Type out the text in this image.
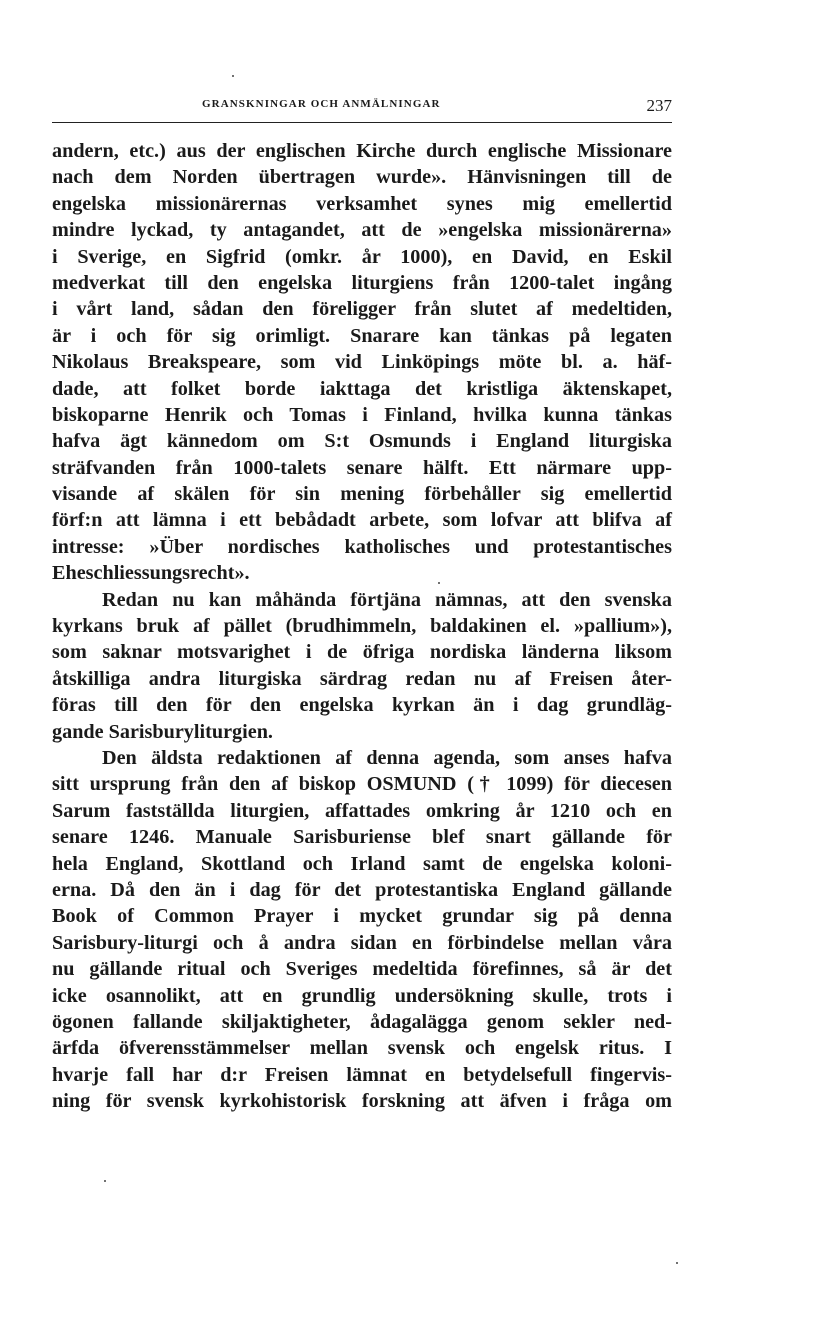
GRANSKNINGAR OCH ANMÄLNINGAR	237
andern, etc.) aus der englischen Kirche durch englische Missionare
nach dem Norden übertragen wurde». Hänvisningen till de
engelska missionärernas verksamhet synes mig emellertid
mindre lyckad, ty antagandet, att de »engelska missionärerna»
i Sverige, en Sigfrid (omkr. år 1000), en David, en Eskil
medverkat till den engelska liturgiens från 1200-talet ingång
i vårt land, sådan den föreligger från slutet af medeltiden,
är i och för sig orimligt. Snarare kan tänkas på legaten
Nikolaus Breakspeare, som vid Linköpings möte bl. a. häf-
dade, att folket borde iakttaga det kristliga äktenskapet,
biskoparne Henrik och Tomas i Finland, hvilka kunna tänkas
hafva ägt kännedom om S:t Osmunds i England liturgiska
sträfvanden från 1000-talets senare hälft. Ett närmare upp-
visande af skälen för sin mening förbehåller sig emellertid
förf:n att lämna i ett bebådadt arbete, som lofvar att blifva af
intresse: »Über nordisches katholisches und protestantisches
Eheschliessungsrecht».
Redan nu kan måhända förtjäna nämnas, att den svenska
kyrkans bruk af pället (brudhimmeln, baldakinen el. »pallium»),
som saknar motsvarighet i de öfriga nordiska länderna liksom
åtskilliga andra liturgiska särdrag redan nu af Freisen åter-
föras till den för den engelska kyrkan än i dag grundläg-
gande Sarisburyliturgien.
Den äldsta redaktionen af denna agenda, som anses hafva
sitt ursprung från den af biskop OSMUND († 1099) för diecesen
Sarum fastställda liturgien, affattades omkring år 1210 och en
senare 1246. Manuale Sarisburiense blef snart gällande för
hela England, Skottland och Irland samt de engelska koloni-
erna. Då den än i dag för det protestantiska England gällande
Book of Common Prayer i mycket grundar sig på denna
Sarisbury-liturgi och å andra sidan en förbindelse mellan våra
nu gällande ritual och Sveriges medeltida förefinnes, så är det
icke osannolikt, att en grundlig undersökning skulle, trots i
ögonen fallande skiljaktigheter, ådagalägga genom sekler ned-
ärfda öfverensstämmelser mellan svensk och engelsk ritus. I
hvarje fall har d:r Freisen lämnat en betydelsefull fingervis-
ning för svensk kyrkohistorisk forskning att äfven i fråga om
